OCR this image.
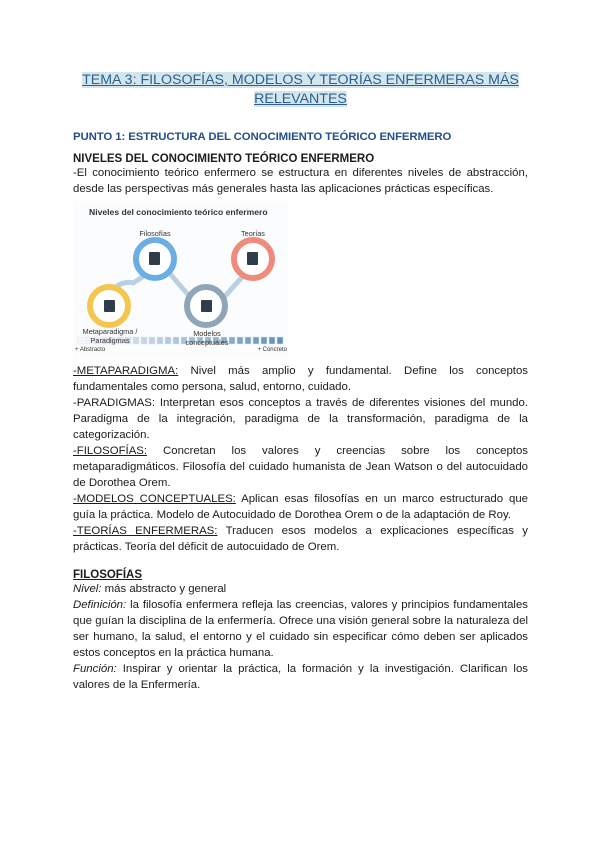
TEMA 3: FILOSOFÍAS, MODELOS Y TEORÍAS ENFERMERAS MÁS
RELEVANTES
PUNTO 1: ESTRUCTURA DEL CONOCIMIENTO TEÓRICO ENFERMERO
NIVELES DEL CONOCIMIENTO TEÓRICO ENFERMERO

-El conocimiento teórico enfermero se estructura en diferentes niveles de abstracción, desde las perspectivas más generales hasta las aplicaciones prácticas específicas.

Niveles del conocimiento teórico enfermero
Filosofías	Teorías
Metaparadigma /

Paradigmas
Modelos conceptuales
+ Abstracto	+ Concreto

-METAPARADIGMA: Nivel más amplio y fundamental. Define los conceptos fundamentales como persona, salud, entorno, cuidado.

-PARADIGMAS: Interpretan esos conceptos a través de diferentes visiones del mundo. Paradigma de la integración, paradigma de la transformación, paradigma de la categorización.

-FILOSOFÍAS: Concretan los valores y creencias sobre los conceptos metaparadigmáticos. Filosofía del cuidado humanista de Jean Watson o del autocuidado de Dorothea Orem.

-MODELOS CONCEPTUALES: Aplican esas filosofías en un marco estructurado que guía la práctica. Modelo de Autocuidado de Dorothea Orem o de la adaptación de Roy.

-TEORÍAS ENFERMERAS: Traducen esos modelos a explicaciones específicas y prácticas. Teoría del déficit de autocuidado de Orem.

FILOSOFÍAS

Nivel: más abstracto y general

Definición: la filosofía enfermera refleja las creencias, valores y principios fundamentales que guían la disciplina de la enfermería. Ofrece una visión general sobre la naturaleza del ser humano, la salud, el entorno y el cuidado sin especificar cómo deben ser aplicados estos conceptos en la práctica humana.

Función: Inspirar y orientar la práctica, la formación y la investigación. Clarifican los valores de la Enfermería.
